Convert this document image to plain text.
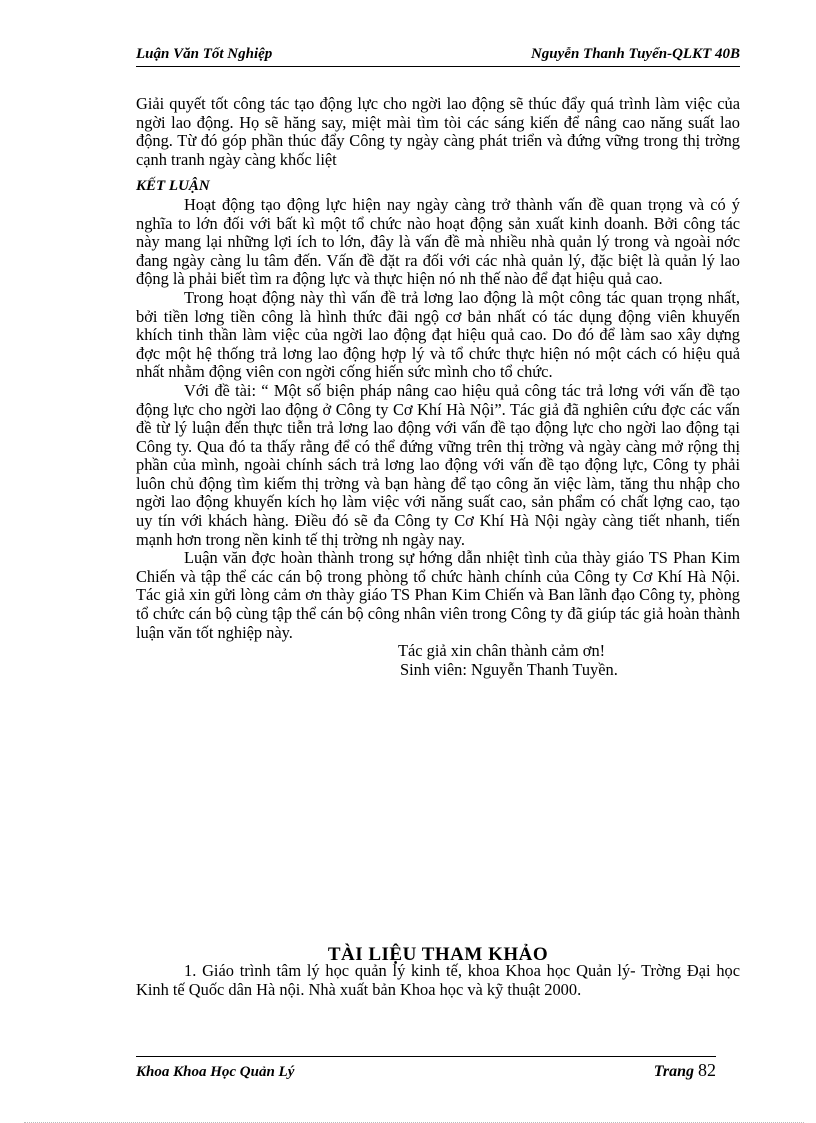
Luận Văn Tốt Nghiệp	Nguyễn Thanh Tuyển-QLKT 40B

Giải quyết tốt công tác tạo động lực cho ngời lao động sẽ thúc đẩy quá trình làm việc của ngời lao động. Họ sẽ hăng say, miệt mài tìm tòi các sáng kiến để nâng cao năng suất lao động. Từ đó góp phần thúc đẩy Công ty ngày càng phát triển và đứng vững trong thị trờng cạnh tranh ngày càng khốc liệt

KẾT LUẬN

Hoạt động tạo động lực hiện nay ngày càng trở thành vấn đề quan trọng và có ý nghĩa to lớn đối với bất kì một tổ chức nào hoạt động sản xuất kinh doanh. Bởi công tác này mang lại những lợi ích to lớn, đây là vấn đề mà nhiều nhà quản lý trong và ngoài nớc đang ngày càng lu tâm đến. Vấn đề đặt ra đối với các nhà quản lý, đặc biệt là quản lý lao động là phải biết tìm ra động lực và thực hiện nó nh thế nào để đạt hiệu quả cao.

Trong hoạt động này thì vấn đề trả lơng lao động là một công tác quan trọng nhất, bởi tiền lơng tiền công là hình thức đãi ngộ cơ bản nhất có tác dụng động viên khuyến khích tinh thần làm việc của ngời lao động đạt hiệu quả cao. Do đó để làm sao xây dựng đợc một hệ thống trả lơng lao động hợp lý và tổ chức thực hiện nó một cách có hiệu quả nhất nhằm động viên con ngời cống hiến sức mình cho tổ chức.

Với đề tài: “ Một số biện pháp nâng cao hiệu quả công tác trả lơng với vấn đề tạo động lực cho ngời lao động ở Công ty Cơ Khí Hà Nội”. Tác giả đã nghiên cứu đợc các vấn đề từ lý luận đến thực tiễn trả lơng lao động với vấn đề tạo động lực cho ngời lao động tại Công ty. Qua đó ta thấy rằng để có thể đứng vững trên thị trờng và ngày càng mở rộng thị phần của mình, ngoài chính sách trả lơng lao động với vấn đề tạo động lực, Công ty phải luôn chủ động tìm kiếm thị trờng và bạn hàng để tạo công ăn việc làm, tăng thu nhập cho ngời lao động khuyến kích họ làm việc với năng suất cao, sản phẩm có chất lợng cao, tạo uy tín với khách hàng. Điều đó sẽ đa Công ty Cơ Khí Hà Nội ngày càng tiết nhanh, tiến mạnh hơn trong nền kinh tế thị trờng nh ngày nay.

Luận văn đợc hoàn thành trong sự hớng dẫn nhiệt tình của thày giáo TS Phan Kim Chiến và tập thể các cán bộ trong phòng tổ chức hành chính của Công ty Cơ Khí Hà Nội. Tác giả xin gửi lòng cảm ơn thày giáo TS Phan Kim Chiến và Ban lãnh đạo Công ty, phòng tổ chức cán bộ cùng tập thể cán bộ công nhân viên trong Công ty đã giúp tác giả hoàn thành luận văn tốt nghiệp này.

Tác giả xin chân thành cảm ơn!

Sinh viên: Nguyễn Thanh Tuyền.

TÀI LIỆU THAM KHẢO

1. Giáo trình tâm lý học quản lý kinh tế, khoa Khoa học Quản lý- Trờng Đại học Kinh tế Quốc dân Hà nội. Nhà xuất bản Khoa học và kỹ thuật 2000.

Khoa Khoa Học Quản Lý	Trang 82
